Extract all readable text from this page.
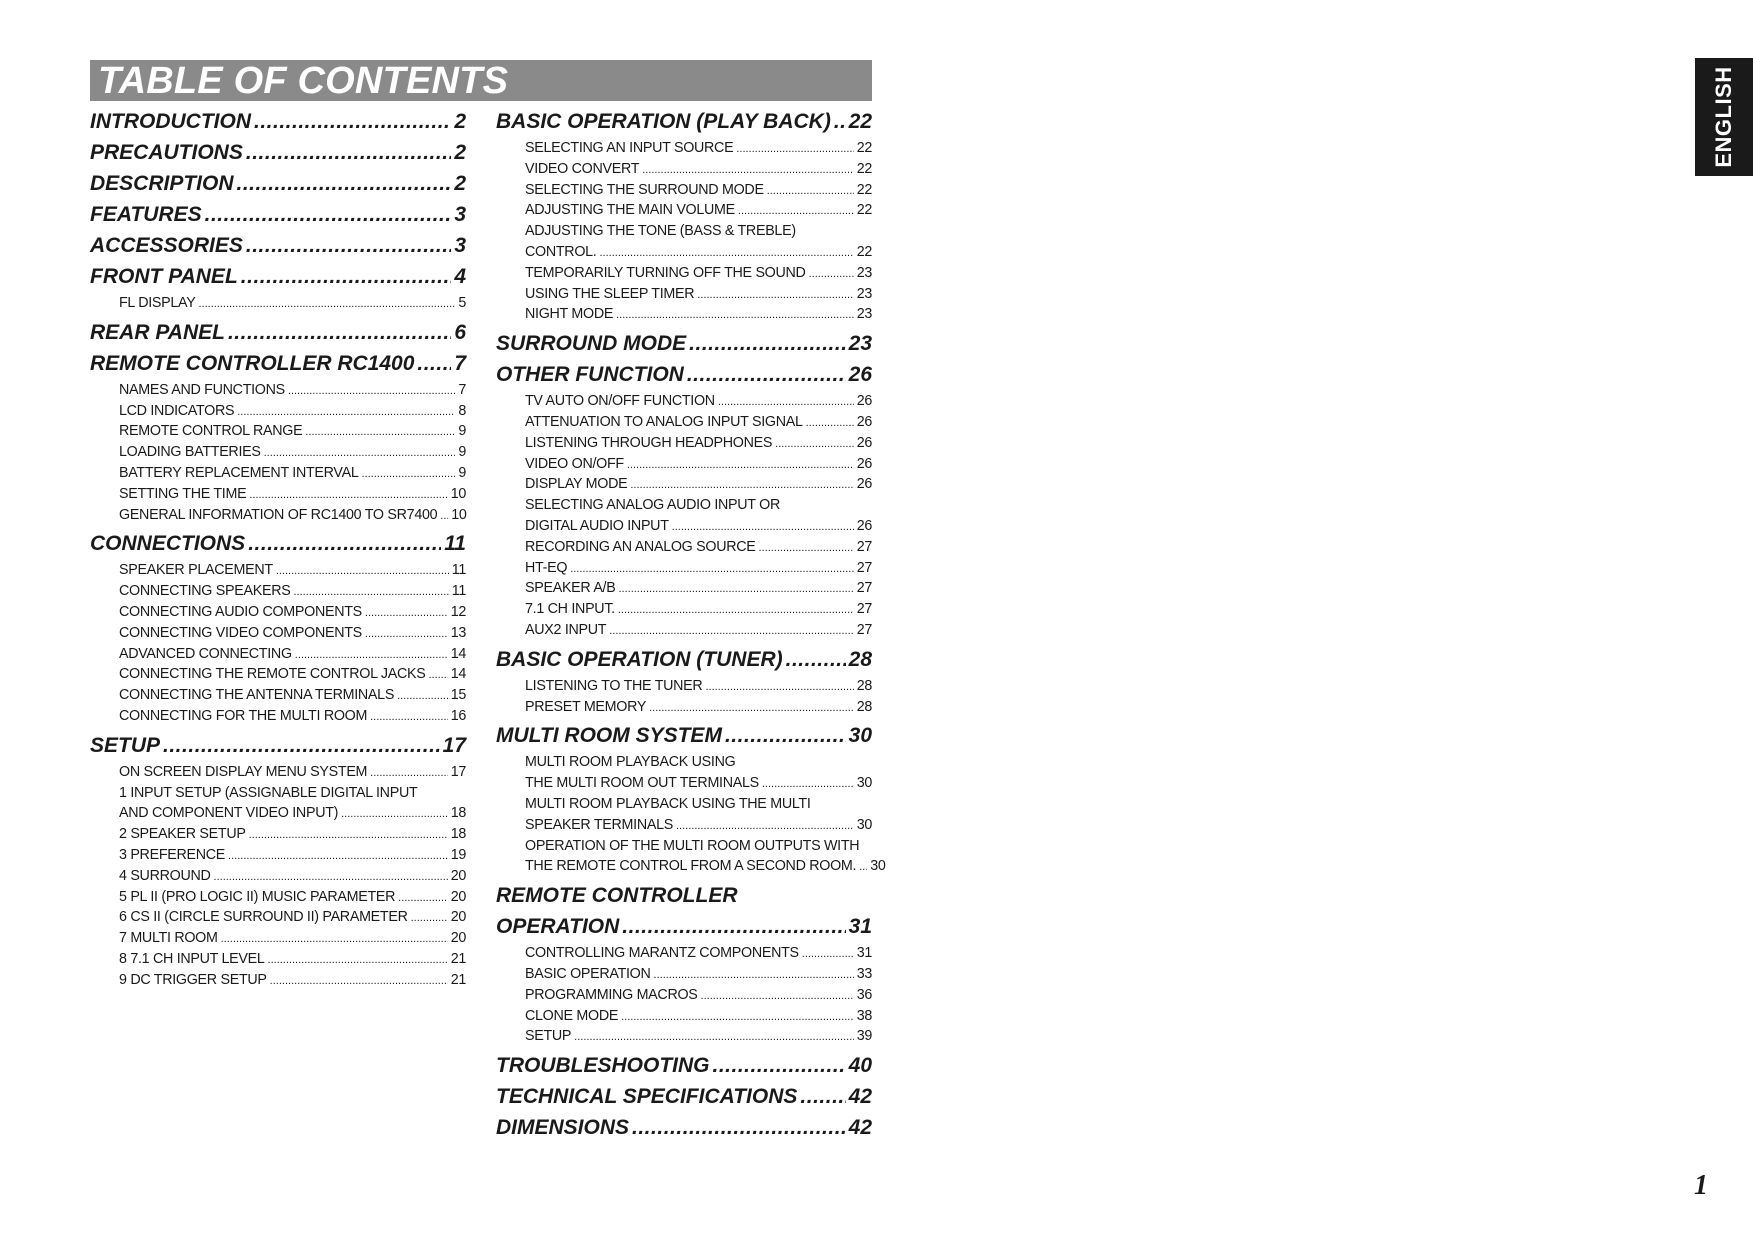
TABLE OF CONTENTS
INTRODUCTION .....	2
PRECAUTIONS .....	2
DESCRIPTION .....	2
FEATURES .....	3
ACCESSORIES .....	3
FRONT PANEL .....	4
FL DISPLAY .....	5
REAR PANEL .....	6
REMOTE CONTROLLER RC1400 ..... 7
NAMES AND FUNCTIONS .....	7
LCD INDICATORS .....	8
REMOTE CONTROL RANGE .....	9
LOADING BATTERIES .....	9
BATTERY REPLACEMENT INTERVAL .....	9
SETTING THE TIME .....	10
GENERAL INFORMATION OF RC1400 TO SR7400 ..... 10
CONNECTIONS .....	11
SPEAKER PLACEMENT .....	11
CONNECTING SPEAKERS .....	11
CONNECTING AUDIO COMPONENTS .....	12
CONNECTING VIDEO COMPONENTS .....	13
ADVANCED CONNECTING .....	14
CONNECTING THE REMOTE CONTROL JACKS ..... 14
CONNECTING THE ANTENNA TERMINALS .....	15
CONNECTING FOR THE MULTI ROOM .....	16
SETUP .....	17
ON SCREEN DISPLAY MENU SYSTEM .....	17
1 INPUT SETUP (ASSIGNABLE DIGITAL INPUT
AND COMPONENT VIDEO INPUT) .....	18
2 SPEAKER SETUP .....	18
3 PREFERENCE .....	19
4 SURROUND .....	20
5 PL II (PRO LOGIC II) MUSIC PARAMETER .....	20
6 CS II (CIRCLE SURROUND II) PARAMETER .....	20
7 MULTI ROOM .....	20
8 7.1 CH INPUT LEVEL .....	21
9 DC TRIGGER SETUP .....	21
BASIC OPERATION (PLAY BACK) ..... 22
SELECTING AN INPUT SOURCE .....	22
VIDEO CONVERT .....	22
SELECTING THE SURROUND MODE .....	22
ADJUSTING THE MAIN VOLUME .....	22
ADJUSTING THE TONE (BASS & TREBLE)
CONTROL. .....	22
TEMPORARILY TURNING OFF THE SOUND .....	23
USING THE SLEEP TIMER .....	23
NIGHT MODE .....	23
SURROUND MODE .....	23
OTHER FUNCTION .....	26
TV AUTO ON/OFF FUNCTION .....	26
ATTENUATION TO ANALOG INPUT SIGNAL .....	26
LISTENING THROUGH HEADPHONES .....	26
VIDEO ON/OFF .....	26
DISPLAY MODE .....	26
SELECTING ANALOG AUDIO INPUT OR
DIGITAL AUDIO INPUT .....	26
RECORDING AN ANALOG SOURCE .....	27
HT-EQ .....	27
SPEAKER A/B .....	27
7.1 CH INPUT. .....	27
AUX2 INPUT .....	27
BASIC OPERATION (TUNER) .....	28
LISTENING TO THE TUNER .....	28
PRESET MEMORY .....	28
MULTI ROOM SYSTEM .....	30
MULTI ROOM PLAYBACK USING
THE MULTI ROOM OUT TERMINALS .....	30
MULTI ROOM PLAYBACK USING THE MULTI
SPEAKER TERMINALS .....	30
OPERATION OF THE MULTI ROOM OUTPUTS WITH
THE REMOTE CONTROL FROM A SECOND ROOM. ..... 30
REMOTE CONTROLLER
OPERATION .....	31
CONTROLLING MARANTZ COMPONENTS .....	31
BASIC OPERATION .....	33
PROGRAMMING MACROS .....	36
CLONE MODE .....	38
SETUP .....	39
TROUBLESHOOTING .....	40
TECHNICAL SPECIFICATIONS ..... 42
DIMENSIONS .....	42
ENGLISH
1
